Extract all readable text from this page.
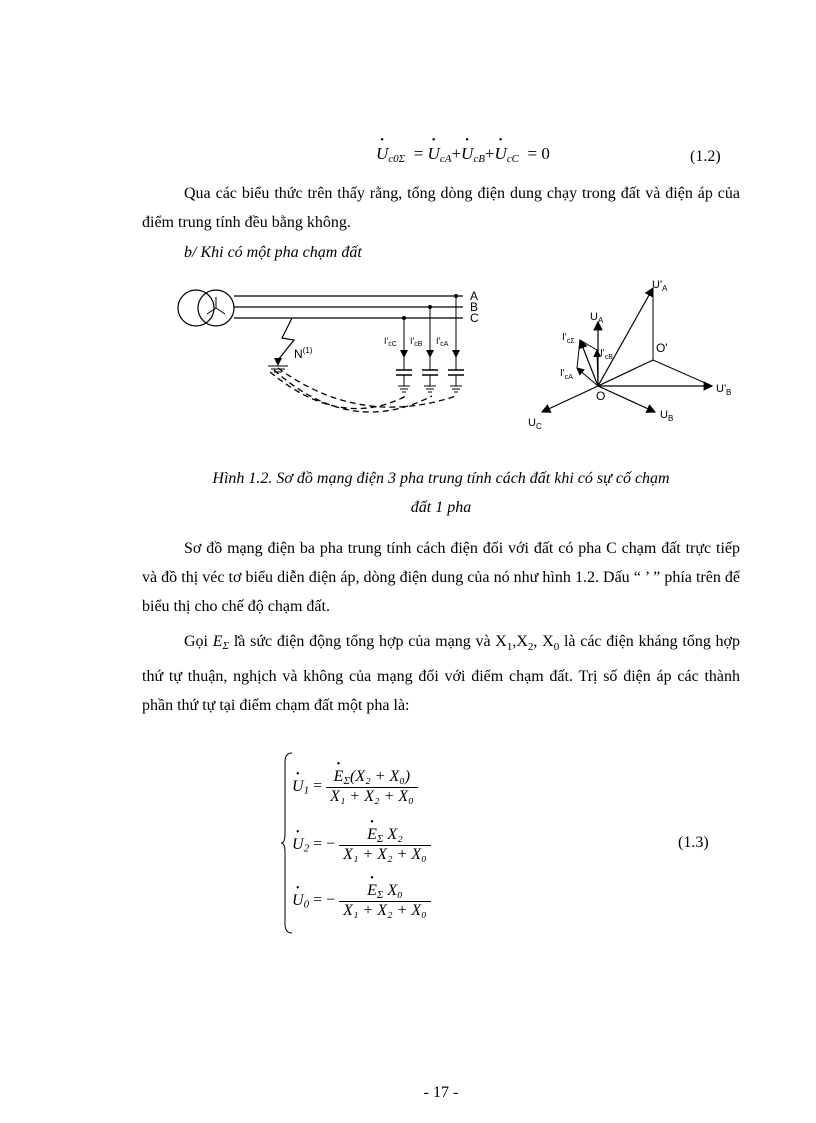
• $U_{c0\Sigma}$  = • $U_{cA}+•$ $U_{cB}+•$ $U_{cC} = 0$	(1.2)
Qua các biểu thức trên thấy rằng, tổng dòng điện dung chạy trong đất và điện áp của điểm trung tính đều bằng không.
b/ Khi có một pha chạm đất
A
B
C
$I'_{cC}$ $I'_{cB}$ $I'_{cA}$
$N^{(1)}$
$U'_A$
$U_A$
$I'_{c\Sigma}$
$I'_{cB}$
$I'_{cA}$
O'
O	$U'_B$
$U_C$
$U_B$
Hình 1.2. Sơ đồ mạng điện 3 pha trung tính cách đất khi có sự cố chạm
đất 1 pha
Sơ đồ mạng điện ba pha trung tính cách điện đối với đất có pha C chạm đất trực tiếp và đồ thị véc tơ biểu diễn điện áp, dòng điện dung của nó như hình 1.2. Dấu “ ’ ” phía trên để biểu thị cho chế độ chạm đất.
Gọi • $E_\Sigma$ là sức điện động tổng hợp của mạng và $X_1,X_2$, $X_0$ là các điện kháng tổng hợp thứ tự thuận, nghịch và không của mạng đối với điểm chạm đất. Trị số điện áp các thành phần thứ tự tại điểm chạm đất một pha là:
• $U_1$ = • $\frac{E_\Sigma(X_2 + X_0)}{\text{X₁ + X₂ + X₀}}$
• $U_2$ = − • $\frac{E_\Sigma X_2}{\text{X₁ + X₂ + X₀}}$
• $U_0$ = − • $\frac{E_\Sigma X_0}{\text{X₁ + X₂ + X₀}}$
(1.3)
- 17 -
